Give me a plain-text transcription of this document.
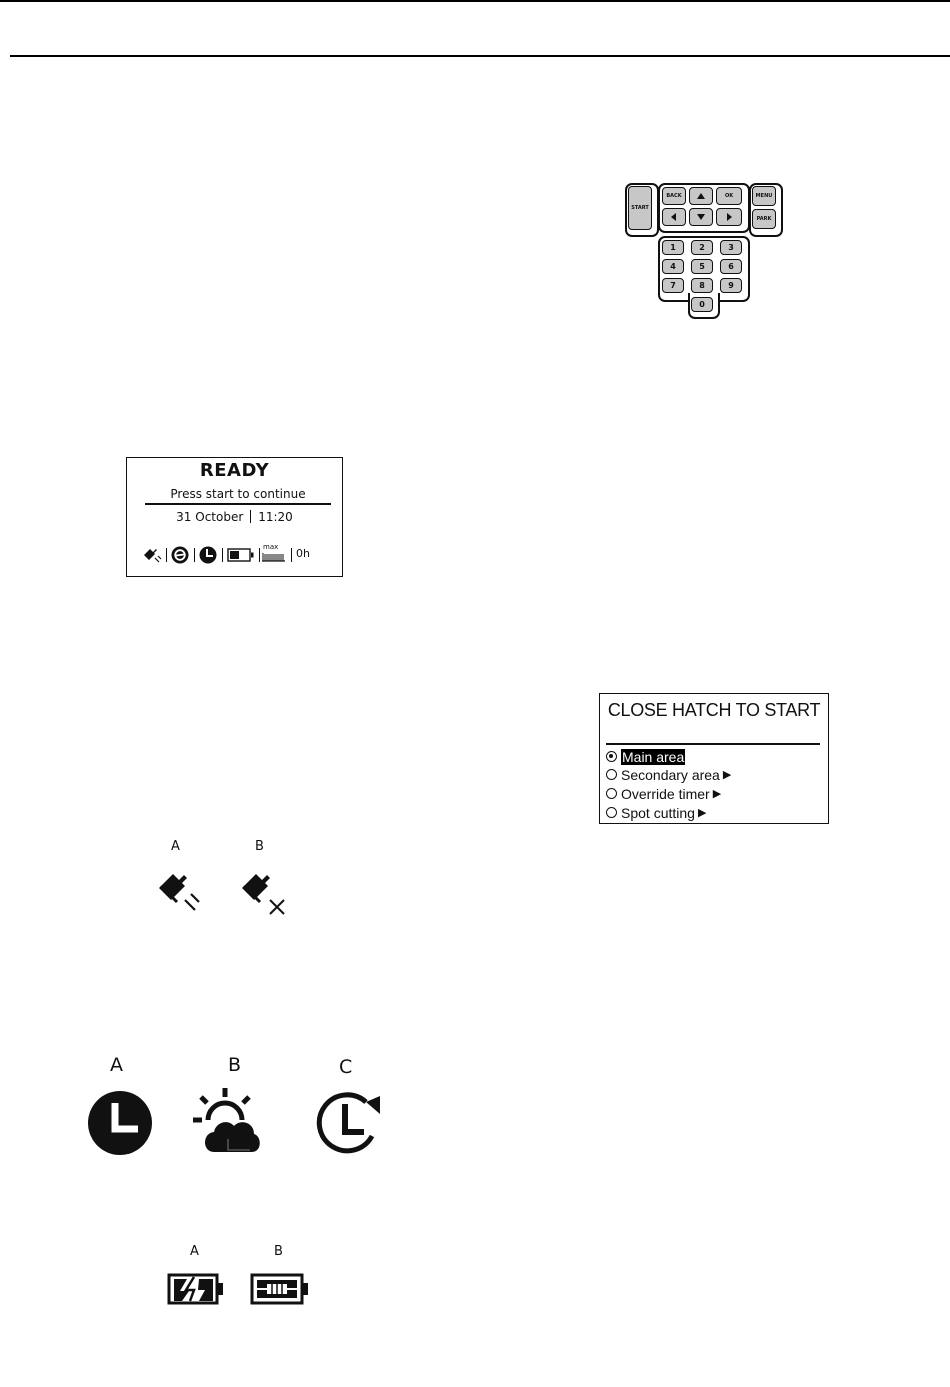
START
BACK	OK	MENU
PARK
1	2	3
4	5	6
7	8	9
0
READY
Press start to continue
31 October 11:20
max 0h
CLOSE HATCH TO START
Main area
Secondary area ▶
Override timer ▶
Spot cutting ▶
A	B
A	B	C
A	B
